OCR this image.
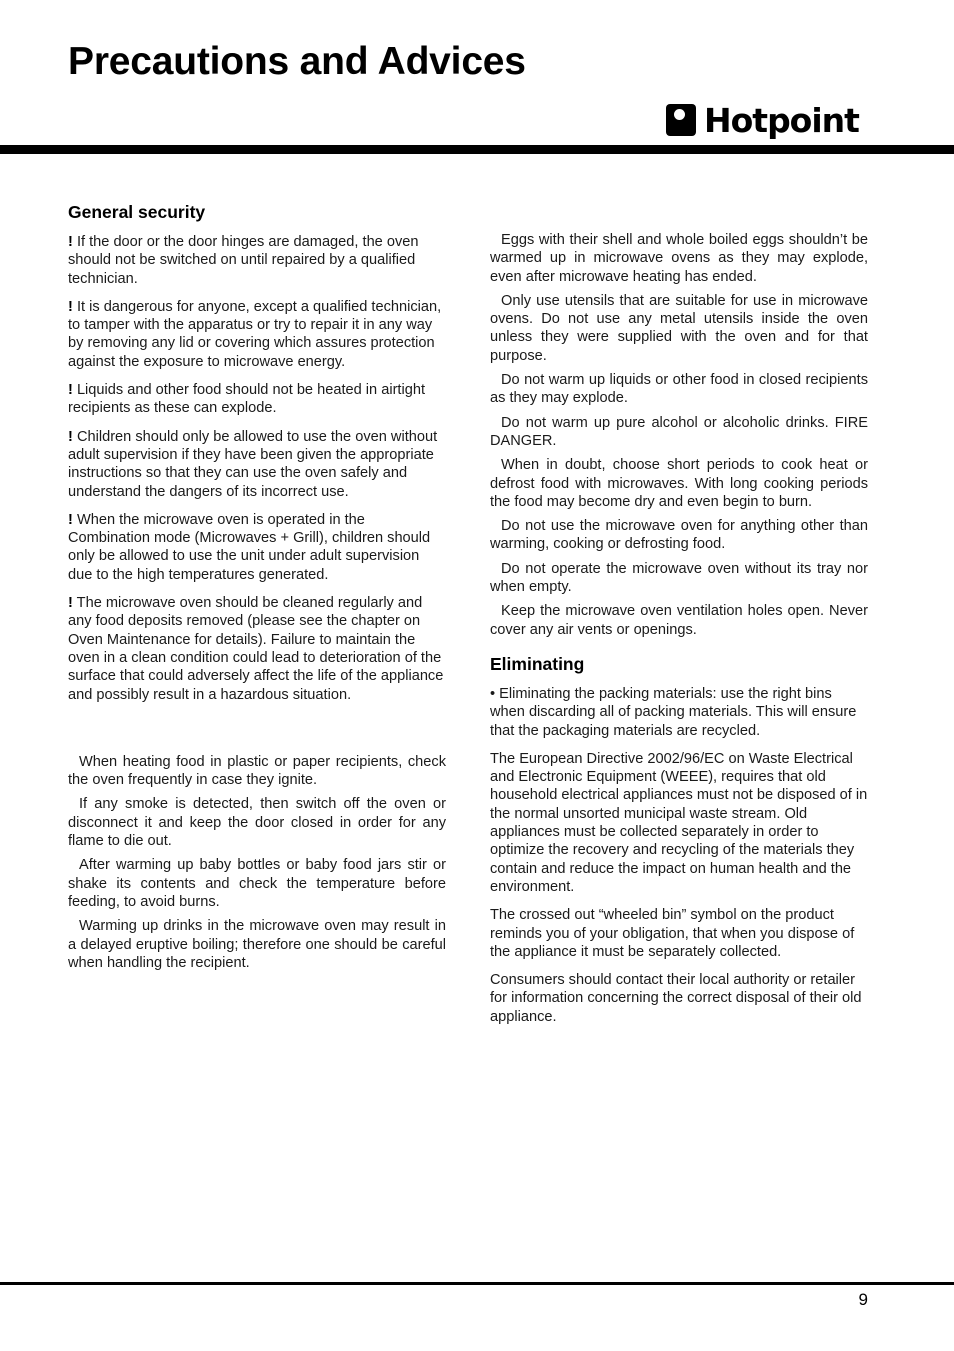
Precautions and Advices
Hotpoint
General security

! If the door or the door hinges are damaged, the oven should not be switched on until repaired by a qualified technician.

! It is dangerous for anyone, except a qualified technician, to tamper with the apparatus or try to repair it in any way by removing any lid or covering which assures protection against the exposure to microwave energy.

! Liquids and other food should not be heated in airtight recipients as these can explode.

! Children should only be allowed to use the oven without adult supervision if they have been given the appropriate instructions so that they can use the oven safely and understand the dangers of its incorrect use.

! When the microwave oven is operated in the Combination mode (Microwaves + Grill), children should only be allowed to use the unit under adult supervision due to the high temperatures generated.

! The microwave oven should be cleaned regularly and any food deposits removed (please see the chapter on Oven Maintenance for details). Failure to maintain the oven in a clean condition could lead to deterioration of the surface that could adversely affect the life of the appliance and possibly result in a hazardous situation.

When heating food in plastic or paper recipients, check the oven frequently in case they ignite.

If any smoke is detected, then switch off the oven or disconnect it and keep the door closed in order for any flame to die out.

After warming up baby bottles or baby food jars stir or shake its contents and check the temperature before feeding, to avoid burns.

Warming up drinks in the microwave oven may result in a delayed eruptive boiling; therefore one should be careful when handling the recipient.

Eggs with their shell and whole boiled eggs shouldn’t be warmed up in microwave ovens as they may explode, even after microwave heating has ended.

Only use utensils that are suitable for use in microwave ovens. Do not use any metal utensils inside the oven unless they were supplied with the oven and for that purpose.

Do not warm up liquids or other food in closed recipients as they may explode.

Do not warm up pure alcohol or alcoholic drinks. FIRE DANGER.

When in doubt, choose short periods to cook heat or defrost food with microwaves. With long cooking periods the food may become dry and even begin to burn.

Do not use the microwave oven for anything other than warming, cooking or defrosting food.

Do not operate the microwave oven without its tray nor when empty.

Keep the microwave oven ventilation holes open. Never cover any air vents or openings.

Eliminating

• Eliminating the packing materials: use the right bins when discarding all of packing materials. This will ensure that the packaging materials are recycled.

The European Directive 2002/96/EC on Waste Electrical and Electronic Equipment (WEEE), requires that old household electrical appliances must not be disposed of in the normal unsorted municipal waste stream. Old appliances must be collected separately in order to optimize the recovery and recycling of the materials they contain and reduce the impact on human health and the environment.

The crossed out “wheeled bin” symbol on the product reminds you of your obligation, that when you dispose of the appliance it must be separately collected.

Consumers should contact their local authority or retailer for information concerning the correct disposal of their old appliance.

9
